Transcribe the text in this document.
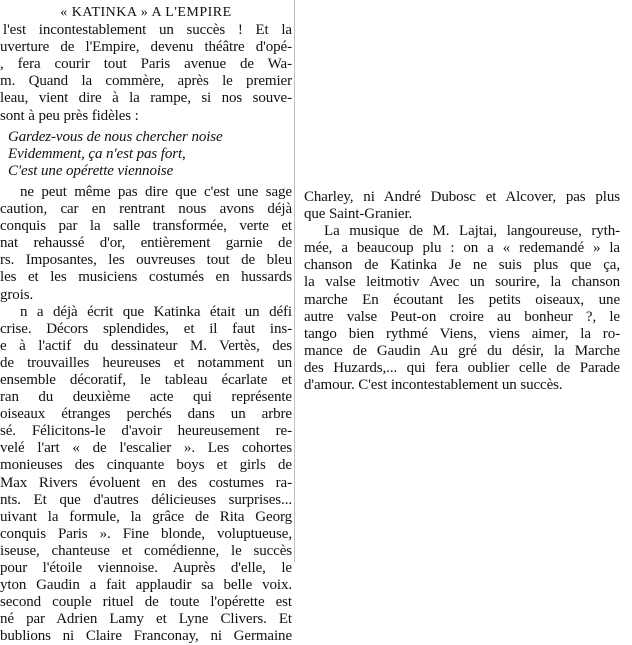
« KATINKA » A L'EMPIRE
l'est incontestablement un succès ! Et la
uverture de l'Empire, devenu théâtre d'opé-
, fera courir tout Paris avenue de Wa-
m. Quand la commère, après le premier
leau, vient dire à la rampe, si nos souve-
sont à peu près fidèles :
Gardez-vous de nous chercher noise
Evidemment, ça n'est pas fort,
C'est une opérette viennoise
ne peut même pas dire que c'est une sage
caution, car en rentrant nous avons déjà
conquis par la salle transformée, verte et
nat rehaussé d'or, entièrement garnie de
rs. Imposantes, les ouvreuses tout de bleu
les et les musiciens costumés en hussards
grois.
n a déjà écrit que Katinka était un défi
crise. Décors splendides, et il faut ins-
e à l'actif du dessinateur M. Vertès, des
de trouvailles heureuses et notamment un
ensemble décoratif, le tableau écarlate et
ran du deuxième acte qui représente
oiseaux étranges perchés dans un arbre
sé. Félicitons-le d'avoir heureusement re-
velé l'art « de l'escalier ». Les cohortes
monieuses des cinquante boys et girls de
Max Rivers évoluent en des costumes ra-
nts. Et que d'autres délicieuses surprises...
uivant la formule, la grâce de Rita Georg
conquis Paris ». Fine blonde, voluptueuse,
iseuse, chanteuse et comédienne, le succès
pour l'étoile viennoise. Auprès d'elle, le
yton Gaudin a fait applaudir sa belle voix.
second couple rituel de toute l'opérette est
né par Adrien Lamy et Lyne Clivers. Et
bublions ni Claire Franconay, ni Germaine
Charley, ni André Dubosc et Alcover, pas plus
que Saint-Granier.
La musique de M. Lajtai, langoureuse, ryth-
mée, a beaucoup plu : on a « redemandé » la
chanson de Katinka Je ne suis plus que ça,
la valse leitmotiv Avec un sourire, la chanson
marche En écoutant les petits oiseaux, une
autre valse Peut-on croire au bonheur ?, le
tango bien rythmé Viens, viens aimer, la ro-
mance de Gaudin Au gré du désir, la Marche
des Huzards,... qui fera oublier celle de Parade
d'amour. C'est incontestablement un succès.
